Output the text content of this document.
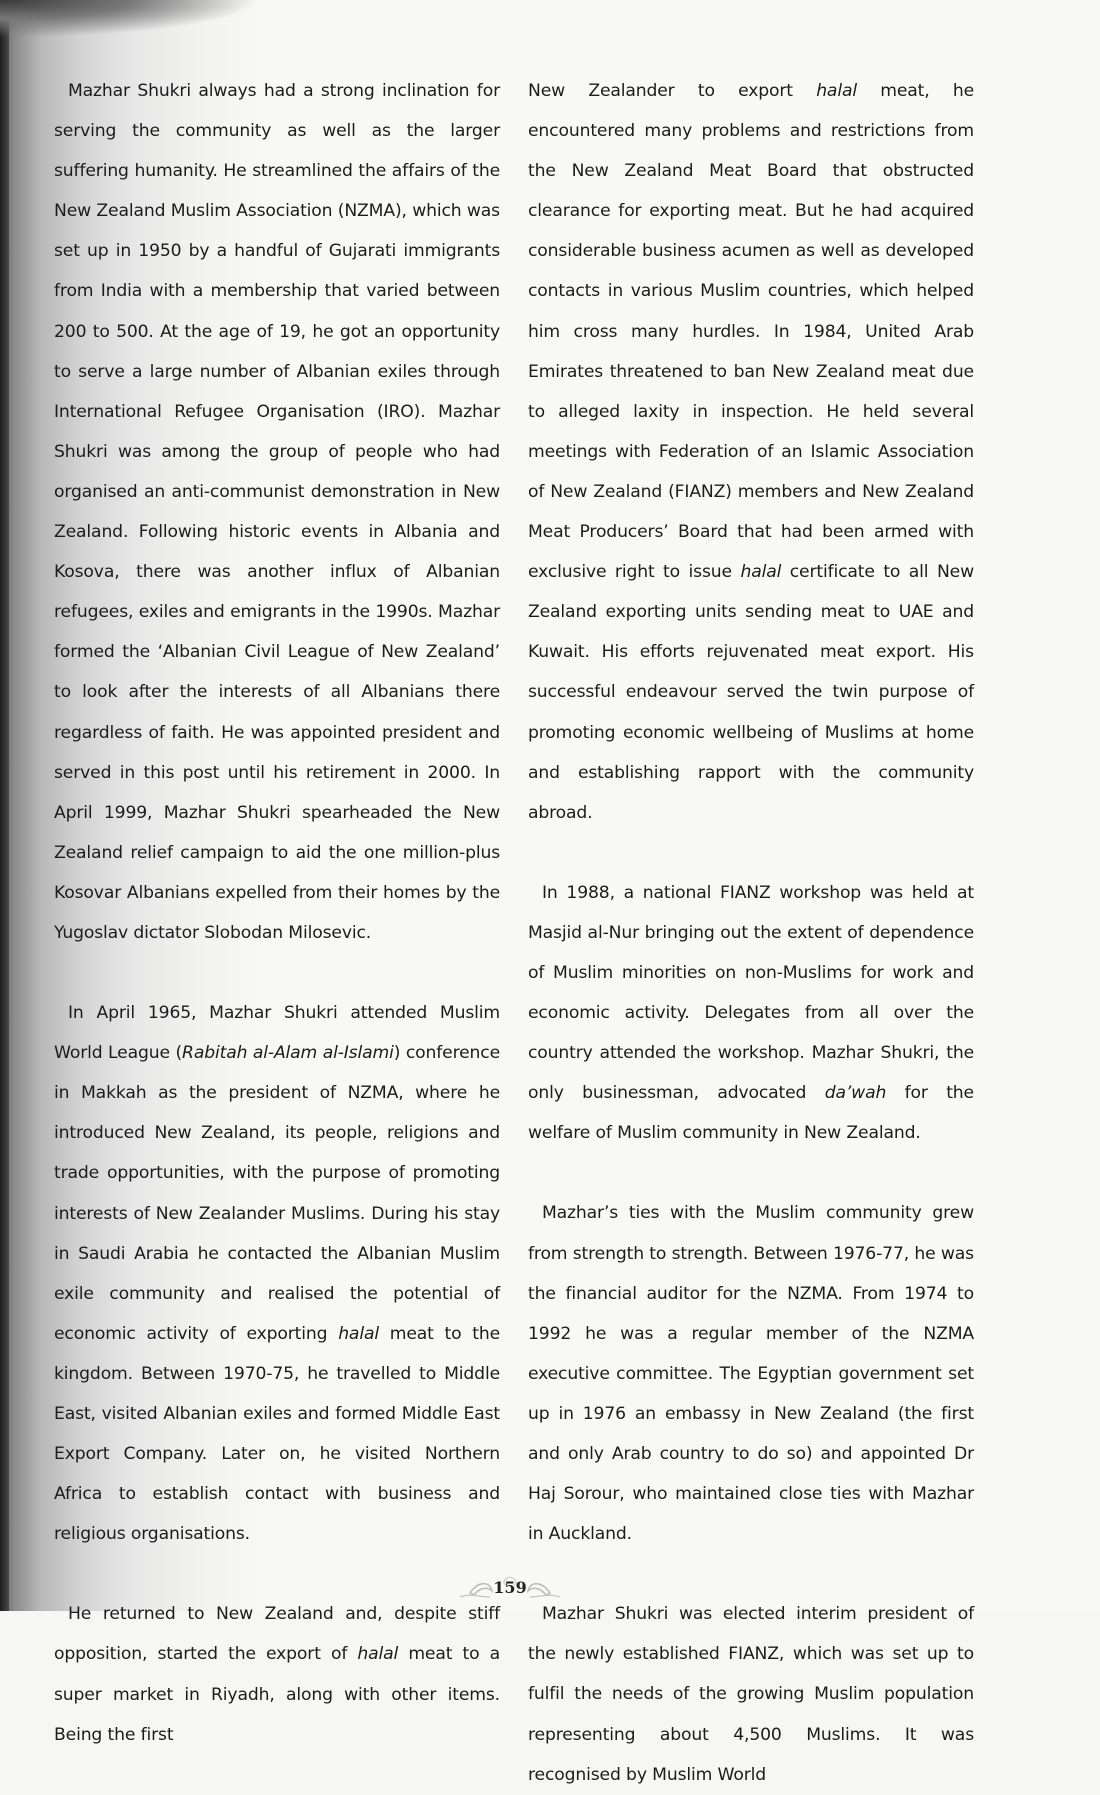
Mazhar Shukri always had a strong inclination for serving the community as well as the larger suffering humanity. He streamlined the affairs of the New Zealand Muslim Association (NZMA), which was set up in 1950 by a handful of Gujarati immigrants from India with a membership that varied between 200 to 500. At the age of 19, he got an opportunity to serve a large number of Albanian exiles through International Refugee Organisation (IRO). Mazhar Shukri was among the group of people who had organised an anti-communist demonstration in New Zealand. Following historic events in Albania and Kosova, there was another influx of Albanian refugees, exiles and emigrants in the 1990s. Mazhar formed the ‘Albanian Civil League of New Zealand’ to look after the interests of all Albanians there regardless of faith. He was appointed president and served in this post until his retirement in 2000. In April 1999, Mazhar Shukri spearheaded the New Zealand relief campaign to aid the one million-plus Kosovar Albanians expelled from their homes by the Yugoslav dictator Slobodan Milosevic.

In April 1965, Mazhar Shukri attended Muslim World League (Rabitah al-Alam al-Islami) conference in Makkah as the president of NZMA, where he introduced New Zealand, its people, religions and trade opportunities, with the purpose of promoting interests of New Zealander Muslims. During his stay in Saudi Arabia he contacted the Albanian Muslim exile community and realised the potential of economic activity of exporting halal meat to the kingdom. Between 1970-75, he travelled to Middle East, visited Albanian exiles and formed Middle East Export Company. Later on, he visited Northern Africa to establish contact with business and religious organisations.

He returned to New Zealand and, despite stiff opposition, started the export of halal meat to a super market in Riyadh, along with other items. Being the first

New Zealander to export halal meat, he encountered many problems and restrictions from the New Zealand Meat Board that obstructed clearance for exporting meat. But he had acquired considerable business acumen as well as developed contacts in various Muslim countries, which helped him cross many hurdles. In 1984, United Arab Emirates threatened to ban New Zealand meat due to alleged laxity in inspection. He held several meetings with Federation of an Islamic Association of New Zealand (FIANZ) members and New Zealand Meat Producers’ Board that had been armed with exclusive right to issue halal certificate to all New Zealand exporting units sending meat to UAE and Kuwait. His efforts rejuvenated meat export. His successful endeavour served the twin purpose of promoting economic wellbeing of Muslims at home and establishing rapport with the community abroad.

In 1988, a national FIANZ workshop was held at Masjid al-Nur bringing out the extent of dependence of Muslim minorities on non-Muslims for work and economic activity. Delegates from all over the country attended the workshop. Mazhar Shukri, the only businessman, advocated da’wah for the welfare of Muslim community in New Zealand.

Mazhar’s ties with the Muslim community grew from strength to strength. Between 1976-77, he was the financial auditor for the NZMA. From 1974 to 1992 he was a regular member of the NZMA executive committee. The Egyptian government set up in 1976 an embassy in New Zealand (the first and only Arab country to do so) and appointed Dr Haj Sorour, who maintained close ties with Mazhar in Auckland.

Mazhar Shukri was elected interim president of the newly established FIANZ, which was set up to fulfil the needs of the growing Muslim population representing about 4,500 Muslims. It was recognised by Muslim World

159
